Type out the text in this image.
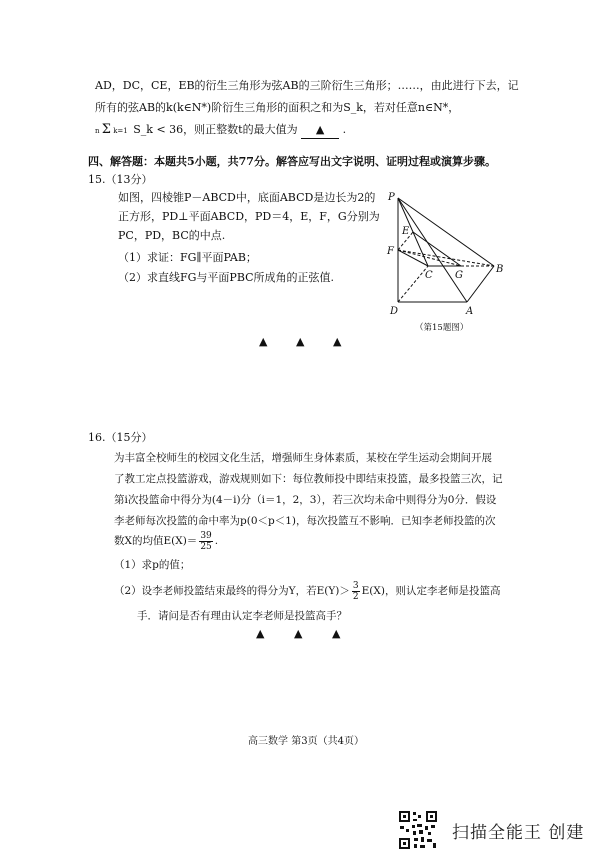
AD，DC，CE，EB的衍生三角形为弦AB的三阶衍生三角形；……，由此进行下去，记
所有的弦AB的k(k∈N*)阶衍生三角形的面积之和为S_k，若对任意n∈N*，
n Σ k=1 S_k < 36，则正整数t的最大值为 ▲ .
四、解答题：本题共5小题，共77分。解答应写出文字说明、证明过程或演算步骤。
15.（13分）
如图，四棱锥P－ABCD中，底面ABCD是边长为2的
正方形，PD⊥平面ABCD，PD＝4，E，F，G分别为
PC，PD，BC的中点.
（1）求证：FG∥平面PAB；
（2）求直线FG与平面PBC所成角的正弦值.
P
E
F
C G
B
D	A
（第15题图）
▲	▲	▲
16.（15分）
为丰富全校师生的校园文化生活，增强师生身体素质，某校在学生运动会期间开展
了教工定点投篮游戏，游戏规则如下：每位教师投中即结束投篮，最多投篮三次，记
第i次投篮命中得分为(4－i)分（i＝1，2，3），若三次均未命中则得分为0分．假设
李老师每次投篮的命中率为p(0＜p＜1)，每次投篮互不影响．已知李老师投篮的次
数X的均值$E(X)= \frac{39}{25}$ .
（1）求p的值；
（2）设李老师投篮结束最终的得分为Y，若$E(Y)> \frac{3}{2} E(X)$，则认定李老师是投篮高
手．请问是否有理由认定李老师是投篮高手？
▲	▲	▲
高三数学 第3页（共4页）
扫描全能王 创建
